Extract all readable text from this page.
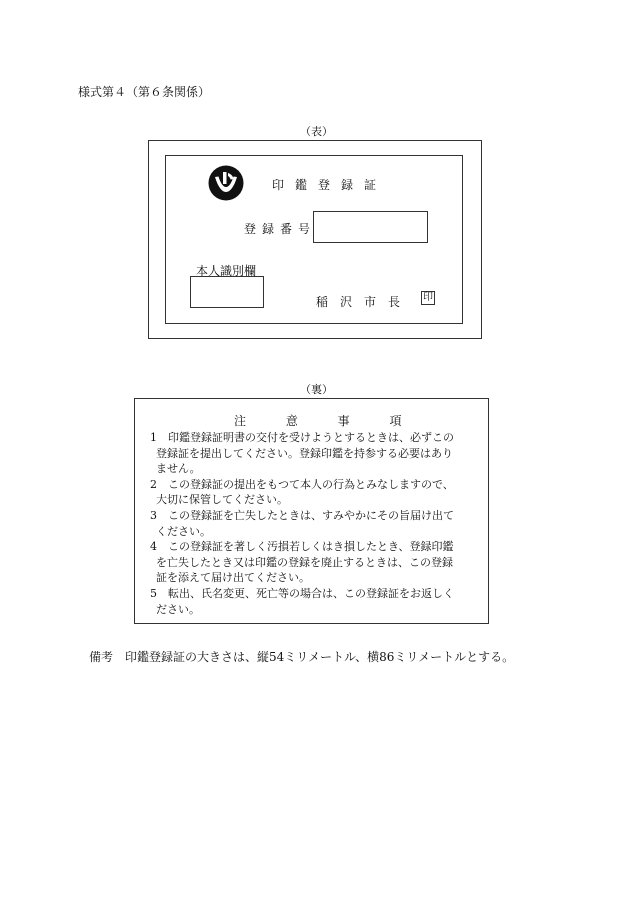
様式第４（第６条関係）
（表）
印鑑登録証
登録番号
本人識別欄
稲沢市長 印
（裏）
注 意 事 項
1　印鑑登録証明書の交付を受けようとするときは、必ずこの
登録証を提出してください。登録印鑑を持参する必要はあり
ません。
2　この登録証の提出をもつて本人の行為とみなしますので、
大切に保管してください。
3　この登録証を亡失したときは、すみやかにその旨届け出て
ください。
4　この登録証を著しく汚損若しくはき損したとき、登録印鑑
を亡失したとき又は印鑑の登録を廃止するときは、この登録
証を添えて届け出てください。
5　転出、氏名変更、死亡等の場合は、この登録証をお返しく
ださい。
備考　印鑑登録証の大きさは、縦54ミリメートル、横86ミリメートルとする。
